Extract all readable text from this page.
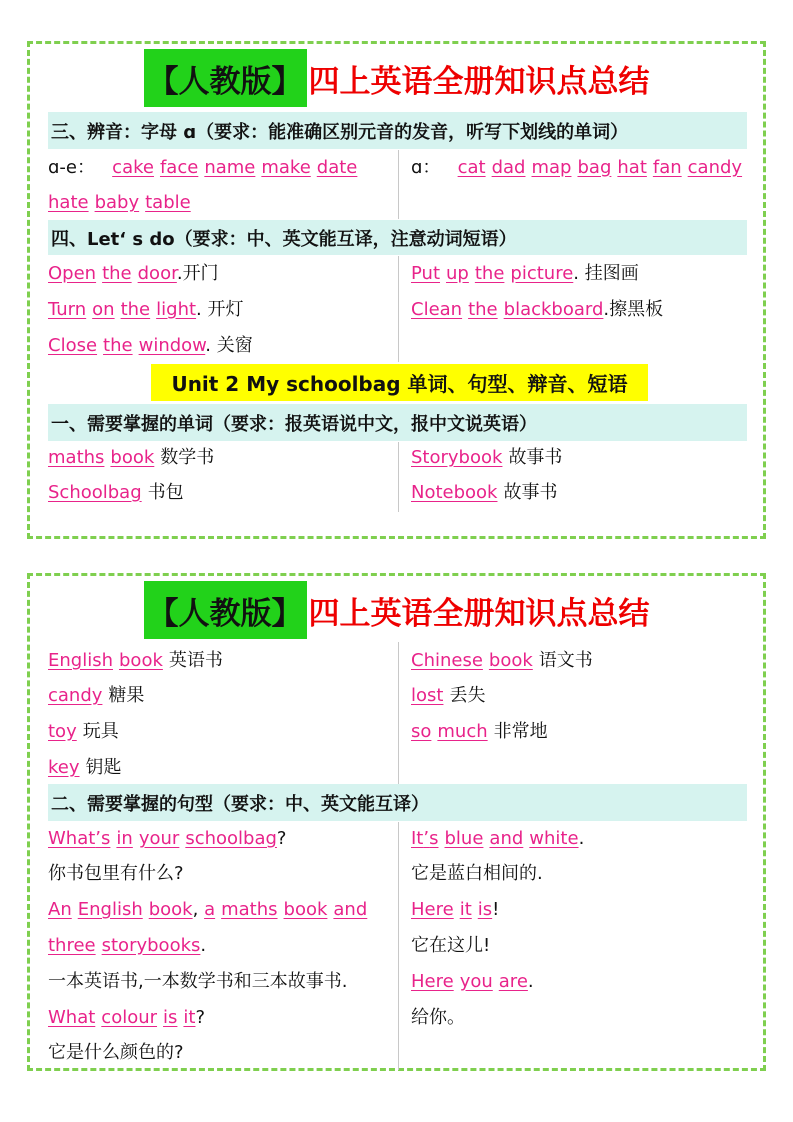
【人教版】 四上英语全册知识点总结
三、辨音：字母 ɑ（要求：能准确区别元音的发音，听写下划线的单词）
ɑ-e： cake face name make date
hate baby table
ɑ： cat dad map bag hat fan candy
四、Let‘ s do（要求：中、英文能互译，注意动词短语）
Open the door.开门
Turn on the light. 开灯
Close the window. 关窗
Put up the picture. 挂图画
Clean the blackboard.擦黑板
Unit 2 My schoolbag 单词、句型、辩音、短语
一、需要掌握的单词（要求：报英语说中文，报中文说英语）
maths book 数学书
Schoolbag 书包
Storybook 故事书
Notebook 故事书
【人教版】 四上英语全册知识点总结
English book 英语书
candy 糖果
toy 玩具
key 钥匙
Chinese book 语文书
lost 丢失
so much 非常地
二、需要掌握的句型（要求：中、英文能互译）
What’s in your schoolbag?
你书包里有什么?
An English book, a maths book and
three storybooks.
一本英语书,一本数学书和三本故事书.
What colour is it?
它是什么颜色的?
It’s blue and white.
它是蓝白相间的.
Here it is!
它在这儿!
Here you are.
给你。
